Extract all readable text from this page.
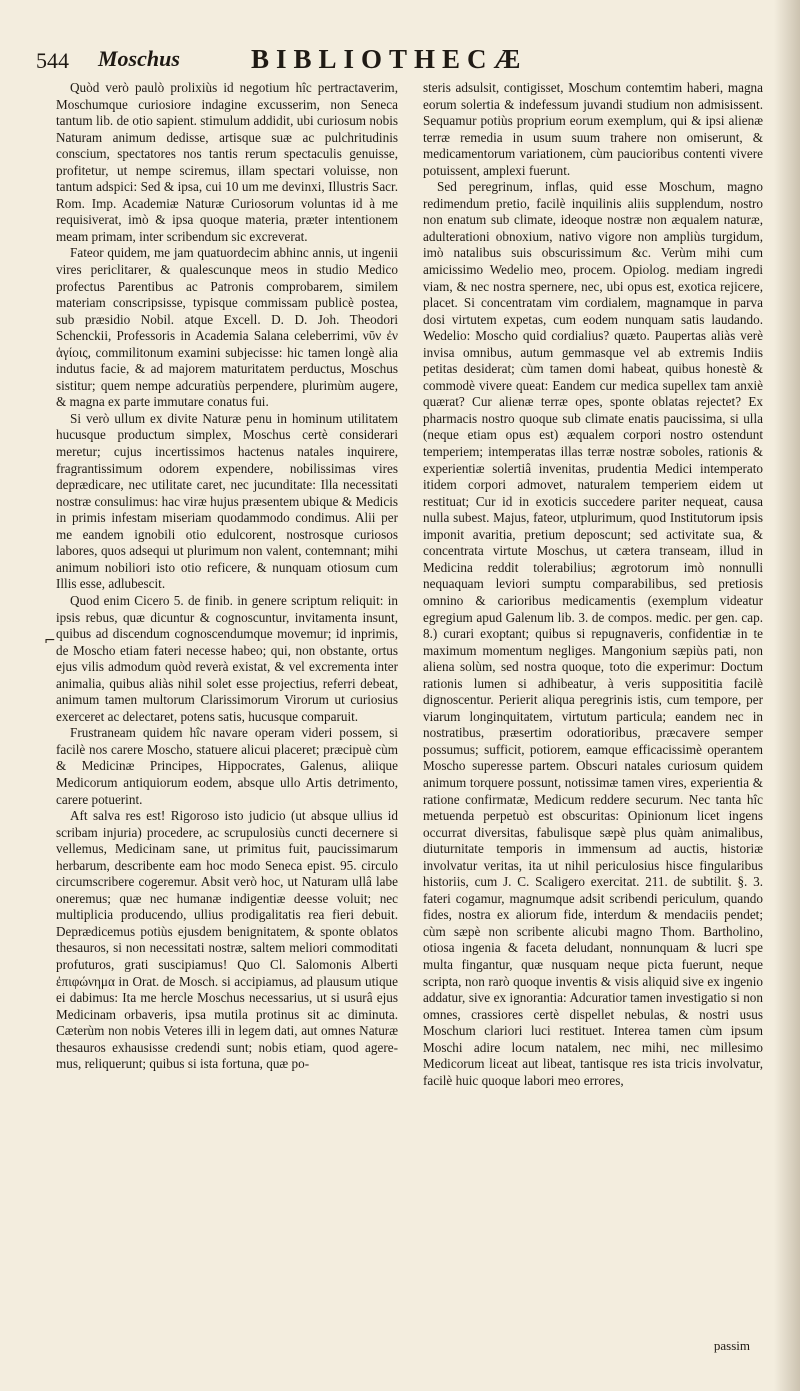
544 Moschus	BIBLIOTHECÆ
⌐

Quòd verò paulò prolixiùs id negotium hîc pertractaverim, Moschumque curiosiore indagine excusserim, non Seneca tantum lib. de otio sapient. stimulum addidit, ubi curiosum nobis Naturam animum dedisse, artisque suæ ac pulchritudinis conscium, spectatores nos tantis rerum spectaculis genuisse, profitetur, ut nempe sciremus, illam spectari voluisse, non tantum adspici: Sed & ipsa, cui 10 um me devinxi, Illustris Sacr. Rom. Imp. Academiæ Naturæ Curiosorum voluntas id à me requisiverat, imò & ipsa quoque materia, præter intentionem meam primam, inter scribendum sic excreverat.

Fateor quidem, me jam quatuordecim abhinc annis, ut ingenii vires periclitarer, & qualescunque meos in studio Medico profectus Parentibus ac Patronis comprobarem, similem materiam conscripsisse, typisque commissam publicè postea, sub præsidio Nobil. atque Excell. D. D. Joh. Theodori Schenckii, Professoris in Academia Salana celeberrimi, νῦν ἐν ἁγίοις, commilitonum examini subjecisse: hic tamen longè alia indutus facie, & ad majorem maturitatem perductus, Moschus sistitur; quem nempe adcuratiùs perpendere, plurimùm augere, & magna ex parte immutare conatus fui.

Si verò ullum ex divite Naturæ penu in hominum utilitatem hucusque productum simplex, Moschus certè considerari meretur; cujus incertissimos hactenus natales inquirere, fragrantissimum odorem expendere, nobilissimas vires deprædicare, nec utilitate caret, nec jucunditate: Illa necessitati nostræ consulimus: hac viræ hujus præsentem ubique & Medicis in primis infestam miseriam quodammodo condimus. Alii per me eandem ignobili otio edulcorent, nostrosque curiosos labores, quos adsequi ut plurimum non valent, contemnant; mihi animum nobiliori isto otio reficere, & nunquam otiosum cum Illis esse, adlubescit.

Quod enim Cicero 5. de finib. in genere scriptum reliquit: in ipsis rebus, quæ dicuntur & cognoscuntur, invitamenta insunt, quibus ad discendum cognoscendumque movemur; id inprimis, de Moscho etiam fateri necesse habeo; qui, non obstante, ortus ejus vilis admodum quòd reverà existat, & vel excrementa inter animalia, quibus aliàs nihil solet esse projectius, referri debeat, animum tamen multorum Clarissimorum Virorum ut curiosius exerceret ac delectaret, potens satis, hucusque comparuit.

Frustraneam quidem hîc navare operam videri possem, si facilè nos carere Moscho, statuere alicui placeret; præcipuè cùm & Medicinæ Principes, Hippocrates, Galenus, aliique Medicorum antiquiorum eodem, absque ullo Artis detrimento, carere potuerint.

Aft salva res est! Rigoroso isto judicio (ut absque ullius id scribam injuria) procedere, ac scrupulosiùs cuncti decernere si vellemus, Medicinam sane, ut primitus fuit, paucissimarum herbarum, describente eam hoc modo Seneca epist. 95. circulo circumscribere cogeremur. Absit verò hoc, ut Naturam ullâ labe oneremus; quæ nec humanæ indigentiæ deesse voluit; nec multiplicia producendo, ullius prodigalitatis rea fieri debuit. Deprædicemus potiùs ejusdem benignitatem, & sponte oblatos thesauros, si non necessitati nostræ, saltem meliori commoditati profuturos, grati suscipiamus! Quo Cl. Salomonis Alberti ἐπιφώνημα in Orat. de Mosch. si accipiamus, ad plausum utique ei dabimus: Ita me hercle Moschus necessarius, ut si usurâ ejus Medicinam orbaveris, ipsa mutila protinus sit ac diminuta. Cæterùm non nobis Veteres illi in legem dati, aut omnes Naturæ thesauros exhausisse credendi sunt; nobis etiam, quod agere-mus, reliquerunt; quibus si ista fortuna, quæ po-

steris adsulsit, contigisset, Moschum contemtim haberi, magna eorum solertia & indefessum juvandi studium non admisissent. Sequamur potiùs proprium eorum exemplum, qui & ipsi alienæ terræ remedia in usum suum trahere non omiserunt, & medicamentorum variationem, cùm paucioribus contenti vivere potuissent, amplexi fuerunt.

Sed peregrinum, inflas, quid esse Moschum, magno redimendum pretio, facilè inquilinis aliis supplendum, nostro non enatum sub climate, ideoque nostræ non æqualem naturæ, adulterationi obnoxium, nativo vigore non ampliùs turgidum, imò natalibus suis obscurissimum &c. Verùm mihi cum amicissimo Wedelio meo, procem. Opiolog. mediam ingredi viam, & nec nostra spernere, nec, ubi opus est, exotica rejicere, placet. Si concentratam vim cordialem, magnamque in parva dosi virtutem expetas, cum eodem nunquam satis laudando. Wedelio: Moscho quid cordialius? quæto. Paupertas aliàs verè invisa omnibus, autum gemmasque vel ab extremis Indiis petitas desiderat; cùm tamen domi habeat, quibus honestè & commodè vivere queat: Eandem cur medica supellex tam anxiè quærat? Cur alienæ terræ opes, sponte oblatas rejectet? Ex pharmacis nostro quoque sub climate enatis paucissima, si ulla (neque etiam opus est) æqualem corpori nostro ostendunt temperiem; intemperatas illas terræ nostræ soboles, rationis & experientiæ solertiâ invenitas, prudentia Medici intemperato itidem corpori admovet, naturalem temperiem eidem ut restituat; Cur id in exoticis succedere pariter nequeat, causa nulla subest. Majus, fateor, utplurimum, quod Institutorum ipsis imponit avaritia, pretium deposcunt; sed activitate sua, & concentrata virtute Moschus, ut cætera transeam, illud in Medicina reddit tolerabilius; ægrotorum imò nonnulli nequaquam leviori sumptu comparabilibus, sed pretiosis omnino & carioribus medicamentis (exemplum videatur egregium apud Galenum lib. 3. de compos. medic. per gen. cap. 8.) curari exoptant; quibus si repugnaveris, confidentiæ in te maximum momentum negliges. Mangonium sæpiùs pati, non aliena solùm, sed nostra quoque, toto die experimur: Doctum rationis lumen si adhibeatur, à veris supposititia facilè dignoscentur. Perierit aliqua peregrinis istis, cum tempore, per viarum longinquitatem, virtutum particula; eandem nec in nostratibus, præsertim odoratioribus, præcavere semper possumus; sufficit, potiorem, eamque efficacissimè operantem Moscho superesse partem. Obscuri natales curiosum quidem animum torquere possunt, notissimæ tamen vires, experientia & ratione confirmatæ, Medicum reddere securum. Nec tanta hîc metuenda perpetuò est obscuritas: Opinionum licet ingens occurrat diversitas, fabulisque sæpè plus quàm animalibus, diuturnitate temporis in immensum ad auctis, historiæ involvatur veritas, ita ut nihil periculosius hisce fingularibus historiis, cum J. C. Scaligero exercitat. 211. de subtilit. §. 3. fateri cogamur, magnumque adsit scribendi periculum, quando fides, nostra ex aliorum fide, interdum & mendaciis pendet; cùm sæpè non scribente alicubi magno Thom. Bartholino, otiosa ingenia & faceta deludant, nonnunquam & lucri spe multa fingantur, quæ nusquam neque picta fuerunt, neque scripta, non rarò quoque inventis & visis aliquid sive ex ingenio addatur, sive ex ignorantia: Adcuratior tamen investigatio si non omnes, crassiores certè dispellet nebulas, & nostri usus Moschum clariori luci restituet. Interea tamen cùm ipsum Moschi adire locum natalem, nec mihi, nec millesimo Medicorum liceat aut libeat, tantisque res ista tricis involvatur, facilè huic quoque labori meo errores,

passim
